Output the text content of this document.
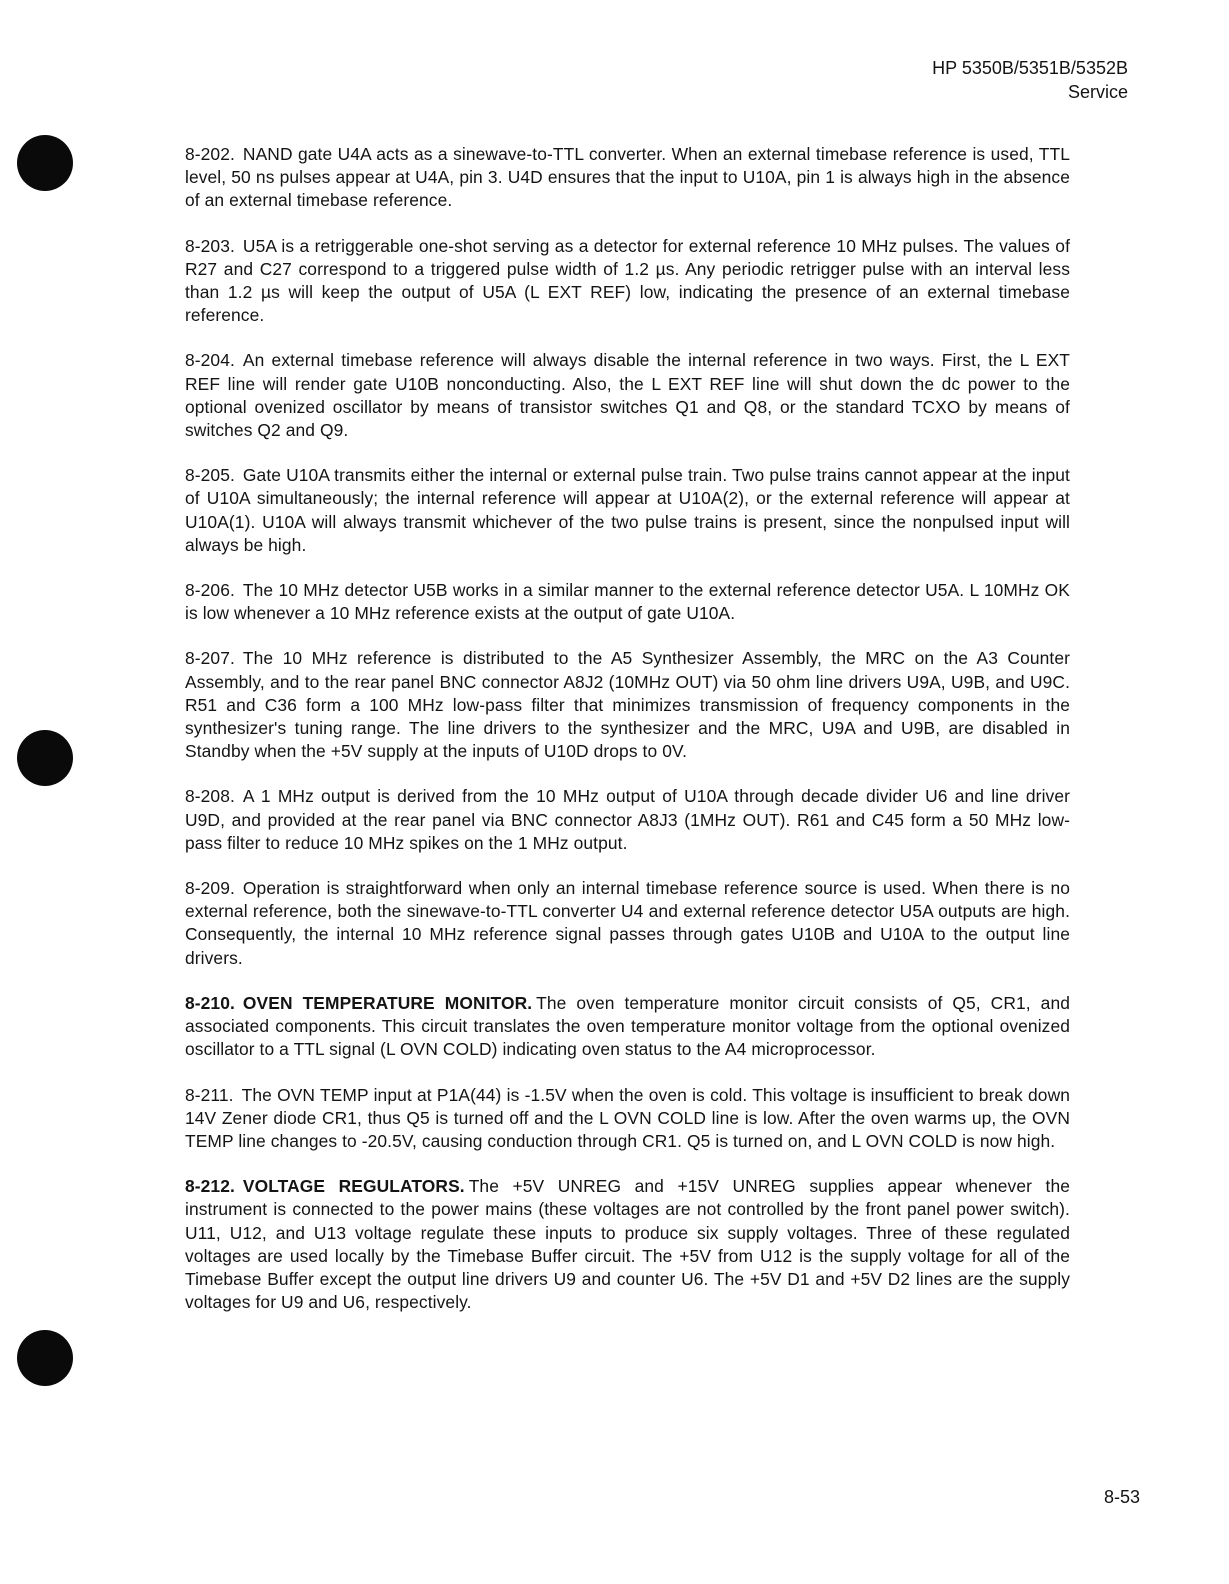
HP 5350B/5351B/5352B
Service

8-202. NAND gate U4A acts as a sinewave-to-TTL converter. When an external timebase reference is used, TTL level, 50 ns pulses appear at U4A, pin 3. U4D ensures that the input to U10A, pin 1 is always high in the absence of an external timebase reference.

8-203. U5A is a retriggerable one-shot serving as a detector for external reference 10 MHz pulses. The values of R27 and C27 correspond to a triggered pulse width of 1.2 µs. Any periodic retrigger pulse with an interval less than 1.2 µs will keep the output of U5A (L EXT REF) low, indicating the presence of an external timebase reference.

8-204. An external timebase reference will always disable the internal reference in two ways. First, the L EXT REF line will render gate U10B nonconducting. Also, the L EXT REF line will shut down the dc power to the optional ovenized oscillator by means of transistor switches Q1 and Q8, or the standard TCXO by means of switches Q2 and Q9.

8-205. Gate U10A transmits either the internal or external pulse train. Two pulse trains cannot appear at the input of U10A simultaneously; the internal reference will appear at U10A(2), or the external reference will appear at U10A(1). U10A will always transmit whichever of the two pulse trains is present, since the nonpulsed input will always be high.

8-206. The 10 MHz detector U5B works in a similar manner to the external reference detector U5A. L 10MHz OK is low whenever a 10 MHz reference exists at the output of gate U10A.

8-207. The 10 MHz reference is distributed to the A5 Synthesizer Assembly, the MRC on the A3 Counter Assembly, and to the rear panel BNC connector A8J2 (10MHz OUT) via 50 ohm line drivers U9A, U9B, and U9C. R51 and C36 form a 100 MHz low-pass filter that minimizes transmission of frequency components in the synthesizer's tuning range. The line drivers to the synthesizer and the MRC, U9A and U9B, are disabled in Standby when the +5V supply at the inputs of U10D drops to 0V.

8-208. A 1 MHz output is derived from the 10 MHz output of U10A through decade divider U6 and line driver U9D, and provided at the rear panel via BNC connector A8J3 (1MHz OUT). R61 and C45 form a 50 MHz low-pass filter to reduce 10 MHz spikes on the 1 MHz output.

8-209. Operation is straightforward when only an internal timebase reference source is used. When there is no external reference, both the sinewave-to-TTL converter U4 and external reference detector U5A outputs are high. Consequently, the internal 10 MHz reference signal passes through gates U10B and U10A to the output line drivers.

8-210. OVEN TEMPERATURE MONITOR. The oven temperature monitor circuit consists of Q5, CR1, and associated components. This circuit translates the oven temperature monitor voltage from the optional ovenized oscillator to a TTL signal (L OVN COLD) indicating oven status to the A4 microprocessor.

8-211. The OVN TEMP input at P1A(44) is -1.5V when the oven is cold. This voltage is insufficient to break down 14V Zener diode CR1, thus Q5 is turned off and the L OVN COLD line is low. After the oven warms up, the OVN TEMP line changes to -20.5V, causing conduction through CR1. Q5 is turned on, and L OVN COLD is now high.

8-212. VOLTAGE REGULATORS. The +5V UNREG and +15V UNREG supplies appear whenever the instrument is connected to the power mains (these voltages are not controlled by the front panel power switch). U11, U12, and U13 voltage regulate these inputs to produce six supply voltages. Three of these regulated voltages are used locally by the Timebase Buffer circuit. The +5V from U12 is the supply voltage for all of the Timebase Buffer except the output line drivers U9 and counter U6. The +5V D1 and +5V D2 lines are the supply voltages for U9 and U6, respectively.

8-53
